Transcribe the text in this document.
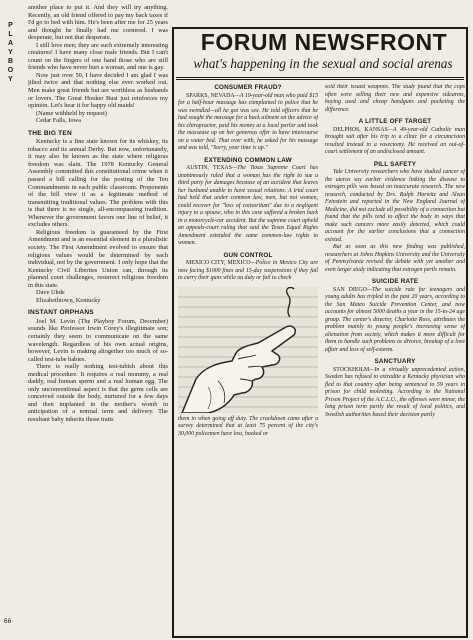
PLAYBOY
66

another place to put it. And they will try anything. Recently, an old friend offered to pay my back taxes if I'd go to bed with him. He's been after me for 25 years and thought he finally had me cornered. I was desperate, but not that desperate.

I still love men; they are such extremely interesting creatures! I have many close male friends. But I can't count on the fingers of one hand those who are still friends who have never hurt a woman, and one is gay.

Now just over 50, I have decided I am glad I was jilted twice and that nothing else ever worked out. Men make great friends but are worthless as husbands or lovers. The Great Hooker Bust just reinforces my opinion. Let's hear it for happy old maids!

(Name withheld by request)

Cedar Falls, Iowa

THE BIG TEN

Kentucky is a fine state known for its whiskey, its tobacco and its annual Derby. But now, unfortunately, it may also be known as the state where religious freedom was slain. The 1978 Kentucky General Assembly committed this constitutional crime when it passed a bill calling for the posting of the Ten Commandments in each public classroom. Proponents of the bill view it as a legitimate method of transmitting traditional values. The problem with this is that there is no single, all-encompassing tradition. Whenever the government favors one line of belief, it excludes others.

Religious freedom is guaranteed by the First Amendment and is an essential element in a pluralistic society. The First Amendment evolved to ensure that religious values would be determined by each individual, not by the government. I only hope that the Kentucky Civil Liberties Union can, through its planned court challenges, resurrect religious freedom in this state.

Dave Uhde

Elizabethtown, Kentucky

INSTANT ORPHANS

Joel M. Levin (The Playboy Forum, December) sounds like Professor Irwin Corey's illegitimate son; certainly they seem to communicate on the same wavelength. Regardless of his own actual origins, however, Levin is making altogether too much of so-called test-tube babies.

There is really nothing test-tubish about this medical procedure. It requires a real mommy, a real daddy, real human sperm and a real human egg. The only unconventional aspect is that the germ cells are conceived outside the body, nurtured for a few days and then implanted in the mother's womb in anticipation of a normal term and delivery. The resultant baby inherits those traits

FORUM NEWSFRONT
what's happening in the sexual and social arenas
CONSUMER FRAUD?

SPARKS, NEVADA—A 19-year-old man who paid $15 for a half-hour massage has complained to police that he was swindled—all he got was sex. He told officers that he had sought the massage for a back ailment on the advice of his chiropractor, paid his money at a local parlor and took the masseuse up on her generous offer to have intercourse on a water bed. That over with, he asked for his massage and was told, "Sorry, your time is up."

EXTENDING COMMON LAW

AUSTIN, TEXAS—The Texas Supreme Court has unanimously ruled that a woman has the right to sue a third party for damages because of an accident that leaves her husband unable to have sexual relations. A trial court had held that under common law, men, but not women, could recover for "loss of consortium" due to a negligent injury to a spouse, who in this case suffered a broken back in a motorcycle-car accident. But the supreme court upheld an appeals-court ruling that said the Texas Equal Rights Amendment extended the same common-law rights to women.

GUN CONTROL

MEXICO CITY, MEXICO—Police in Mexico City are now facing $1000 fines and 15-day suspensions if they fail to carry their guns while on duty or fail to check

them in when going off duty. The crackdown came after a survey determined that at least 75 percent of the city's 30,000 policemen have lost, hocked or

sold their issued weapons. The study found that the cops often were selling their new and expensive sidearms, buying used and cheap handguns and pocketing the difference.

A LITTLE OFF TARGET

DELPHOS, KANSAS—A 49-year-old Catholic man brought suit after his trip to a clinic for a circumcision resulted instead in a vasectomy. He received an out-of-court settlement of an undisclosed amount.

PILL SAFETY

Yale University researchers who have studied cancer of the uterus say earlier evidence linking the disease to estrogen pills was based on inaccurate research. The new research, conducted by Drs. Ralph Horwitz and Alvan Feinstein and reported in the New England Journal of Medicine, did not exclude all possibility of a connection but found that the pills tend to affect the body in ways that make such cancers more easily detected, which could account for the earlier conclusions that a connection existed.

But as soon as this new finding was published, researchers at Johns Hopkins University and the University of Pennsylvania revised the debate with yet another and even larger study indicating that estrogen perils remain.

SUICIDE RATE

SAN DIEGO—The suicide rate for teenagers and young adults has tripled in the past 20 years, according to the San Mateo Suicide Prevention Center, and now accounts for almost 5000 deaths a year in the 15-to-24 age group. The center's director, Charlotte Ross, attributes the problem mainly to young people's increasing sense of alienation from society, which makes it more difficult for them to handle such problems as divorce, breakup of a love affair and loss of self-esteem.

SANCTUARY

STOCKHOLM—In a virtually unprecedented action, Sweden has refused to extradite a Kentucky physician who fled to that country after being sentenced to 59 years in prison for child molesting. According to the National Prison Project of the A.C.L.U., the offenses were minor, the long prison term partly the result of local politics, and Swedish authorities based their decision partly
